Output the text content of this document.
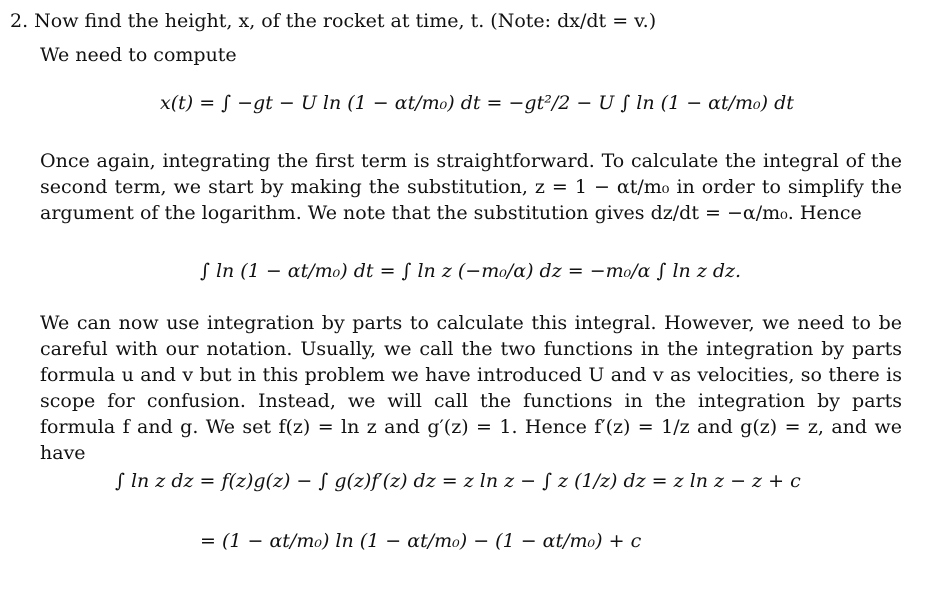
2. Now find the height, x, of the rocket at time, t. (Note: dx/dt = v.)
We need to compute
x(t) = ∫ −gt − U ln (1 − αt/m₀) dt = −gt²/2 − U ∫ ln (1 − αt/m₀) dt
Once again, integrating the first term is straightforward. To calculate the integral of the second term, we start by making the substitution, z = 1 − αt/m₀ in order to simplify the argument of the logarithm. We note that the substitution gives dz/dt = −α/m₀. Hence
∫ ln (1 − αt/m₀) dt = ∫ ln z (−m₀/α) dz = −m₀/α ∫ ln z dz.
We can now use integration by parts to calculate this integral. However, we need to be careful with our notation. Usually, we call the two functions in the integration by parts formula u and v but in this problem we have introduced U and v as velocities, so there is scope for confusion. Instead, we will call the functions in the integration by parts formula f and g. We set f(z) = ln z and g′(z) = 1. Hence f′(z) = 1/z and g(z) = z, and we have
∫ ln z dz = f(z)g(z) − ∫ g(z)f′(z) dz = z ln z − ∫ z (1/z) dz = z ln z − z + c
= (1 − αt/m₀) ln (1 − αt/m₀) − (1 − αt/m₀) + c
